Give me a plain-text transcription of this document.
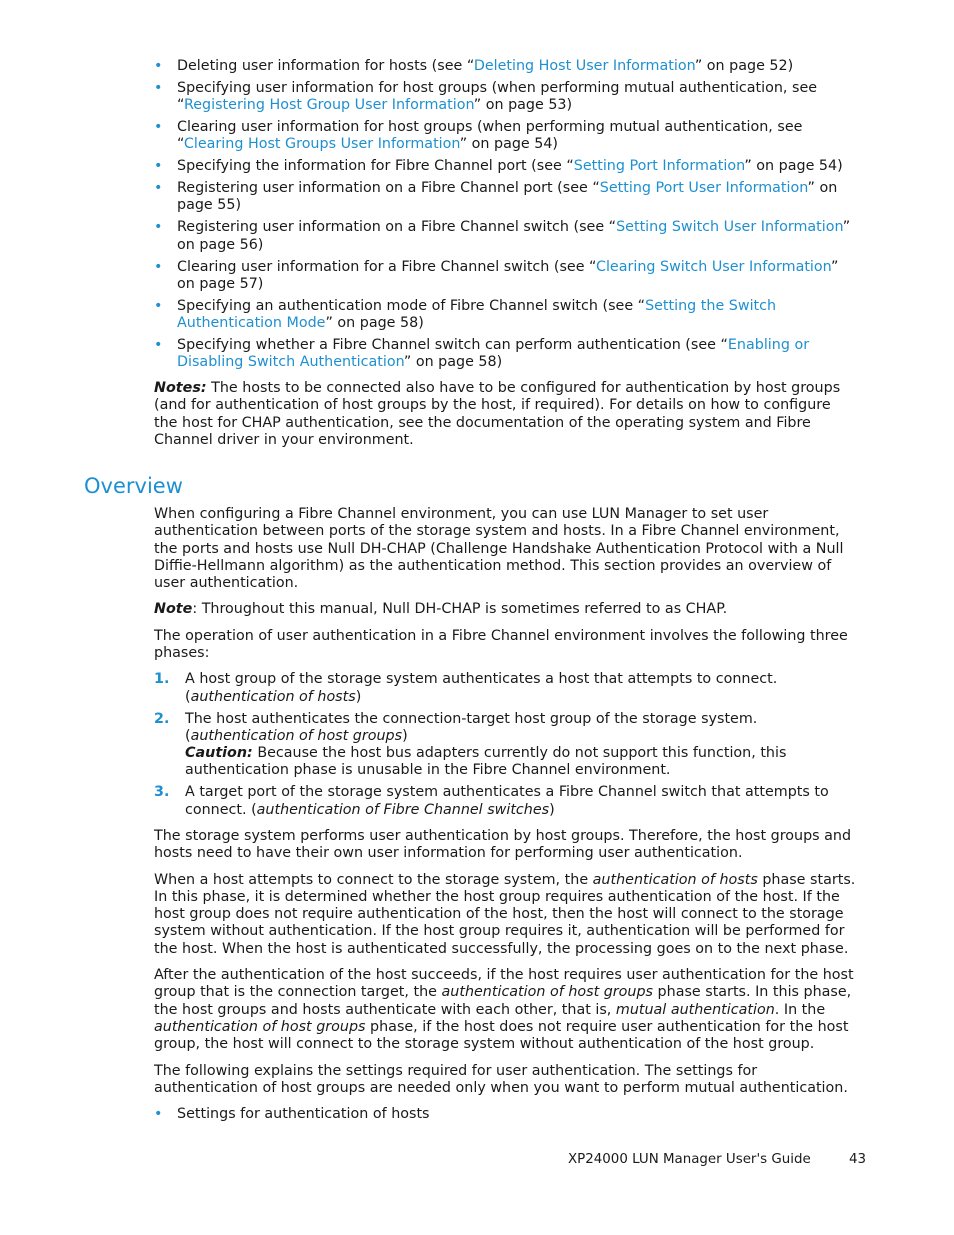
• Deleting user information for hosts (see “Deleting Host User Information” on page 52)
• Specifying user information for host groups (when performing mutual authentication, see “Registering Host Group User Information” on page 53)
• Clearing user information for host groups (when performing mutual authentication, see “Clearing Host Groups User Information” on page 54)
• Specifying the information for Fibre Channel port (see “Setting Port Information” on page 54)
• Registering user information on a Fibre Channel port (see “Setting Port User Information” on page 55)
• Registering user information on a Fibre Channel switch (see “Setting Switch User Information” on page 56)
• Clearing user information for a Fibre Channel switch (see “Clearing Switch User Information” on page 57)
• Specifying an authentication mode of Fibre Channel switch (see “Setting the Switch Authentication Mode” on page 58)
• Specifying whether a Fibre Channel switch can perform authentication (see “Enabling or Disabling Switch Authentication” on page 58)

Notes: The hosts to be connected also have to be configured for authentication by host groups (and for authentication of host groups by the host, if required). For details on how to configure the host for CHAP authentication, see the documentation of the operating system and Fibre Channel driver in your environment.

Overview

When configuring a Fibre Channel environment, you can use LUN Manager to set user authentication between ports of the storage system and hosts. In a Fibre Channel environment, the ports and hosts use Null DH-CHAP (Challenge Handshake Authentication Protocol with a Null Diffie-Hellmann algorithm) as the authentication method. This section provides an overview of user authentication.

Note: Throughout this manual, Null DH-CHAP is sometimes referred to as CHAP.

The operation of user authentication in a Fibre Channel environment involves the following three phases:

1. A host group of the storage system authenticates a host that attempts to connect. (authentication of hosts)
2. The host authenticates the connection-target host group of the storage system. (authentication of host groups)
Caution: Because the host bus adapters currently do not support this function, this authentication phase is unusable in the Fibre Channel environment.
3. A target port of the storage system authenticates a Fibre Channel switch that attempts to connect. (authentication of Fibre Channel switches)

The storage system performs user authentication by host groups. Therefore, the host groups and hosts need to have their own user information for performing user authentication.

When a host attempts to connect to the storage system, the authentication of hosts phase starts. In this phase, it is determined whether the host group requires authentication of the host. If the host group does not require authentication of the host, then the host will connect to the storage system without authentication. If the host group requires it, authentication will be performed for the host. When the host is authenticated successfully, the processing goes on to the next phase.

After the authentication of the host succeeds, if the host requires user authentication for the host group that is the connection target, the authentication of host groups phase starts. In this phase, the host groups and hosts authenticate with each other, that is, mutual authentication. In the authentication of host groups phase, if the host does not require user authentication for the host group, the host will connect to the storage system without authentication of the host group.

The following explains the settings required for user authentication. The settings for authentication of host groups are needed only when you want to perform mutual authentication.

• Settings for authentication of hosts
XP24000 LUN Manager User's Guide	43
